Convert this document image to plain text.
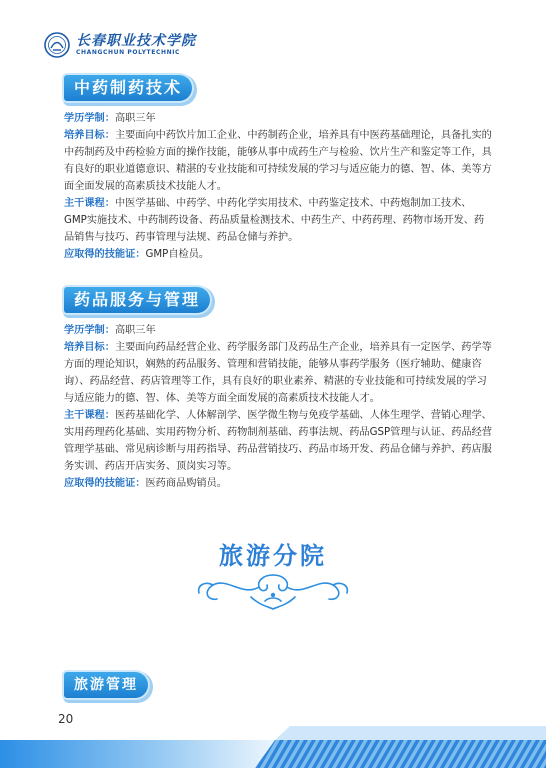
长春职业技术学院
CHANGCHUN POLYTECHNIC
中药制药技术

学历学制：高职三年

培养目标：主要面向中药饮片加工企业、中药制药企业，培养具有中医药基础理论，具备扎实的中药制药及中药检验方面的操作技能，能够从事中成药生产与检验、饮片生产和鉴定等工作，具有良好的职业道德意识、精湛的专业技能和可持续发展的学习与适应能力的德、智、体、美等方面全面发展的高素质技术技能人才。

主干课程：中医学基础、中药学、中药化学实用技术、中药鉴定技术、中药炮制加工技术、GMP实施技术、中药制药设备、药品质量检测技术、中药生产、中药药理、药物市场开发、药品销售与技巧、药事管理与法规、药品仓储与养护。

应取得的技能证：GMP自检员。

药品服务与管理

学历学制：高职三年

培养目标：主要面向药品经营企业、药学服务部门及药品生产企业，培养具有一定医学、药学等方面的理论知识，娴熟的药品服务、管理和营销技能，能够从事药学服务（医疗辅助、健康咨询）、药品经营、药店管理等工作，具有良好的职业素养、精湛的专业技能和可持续发展的学习与适应能力的德、智、体、美等方面全面发展的高素质技术技能人才。

主干课程：医药基础化学、人体解剖学、医学微生物与免疫学基础、人体生理学、营销心理学、实用药理药化基础、实用药物分析、药物制剂基础、药事法规、药品GSP管理与认证、药品经营管理学基础、常见病诊断与用药指导、药品营销技巧、药品市场开发、药品仓储与养护、药店服务实训、药店开店实务、顶岗实习等。

应取得的技能证：医药商品购销员。

旅游分院
旅游管理
20
